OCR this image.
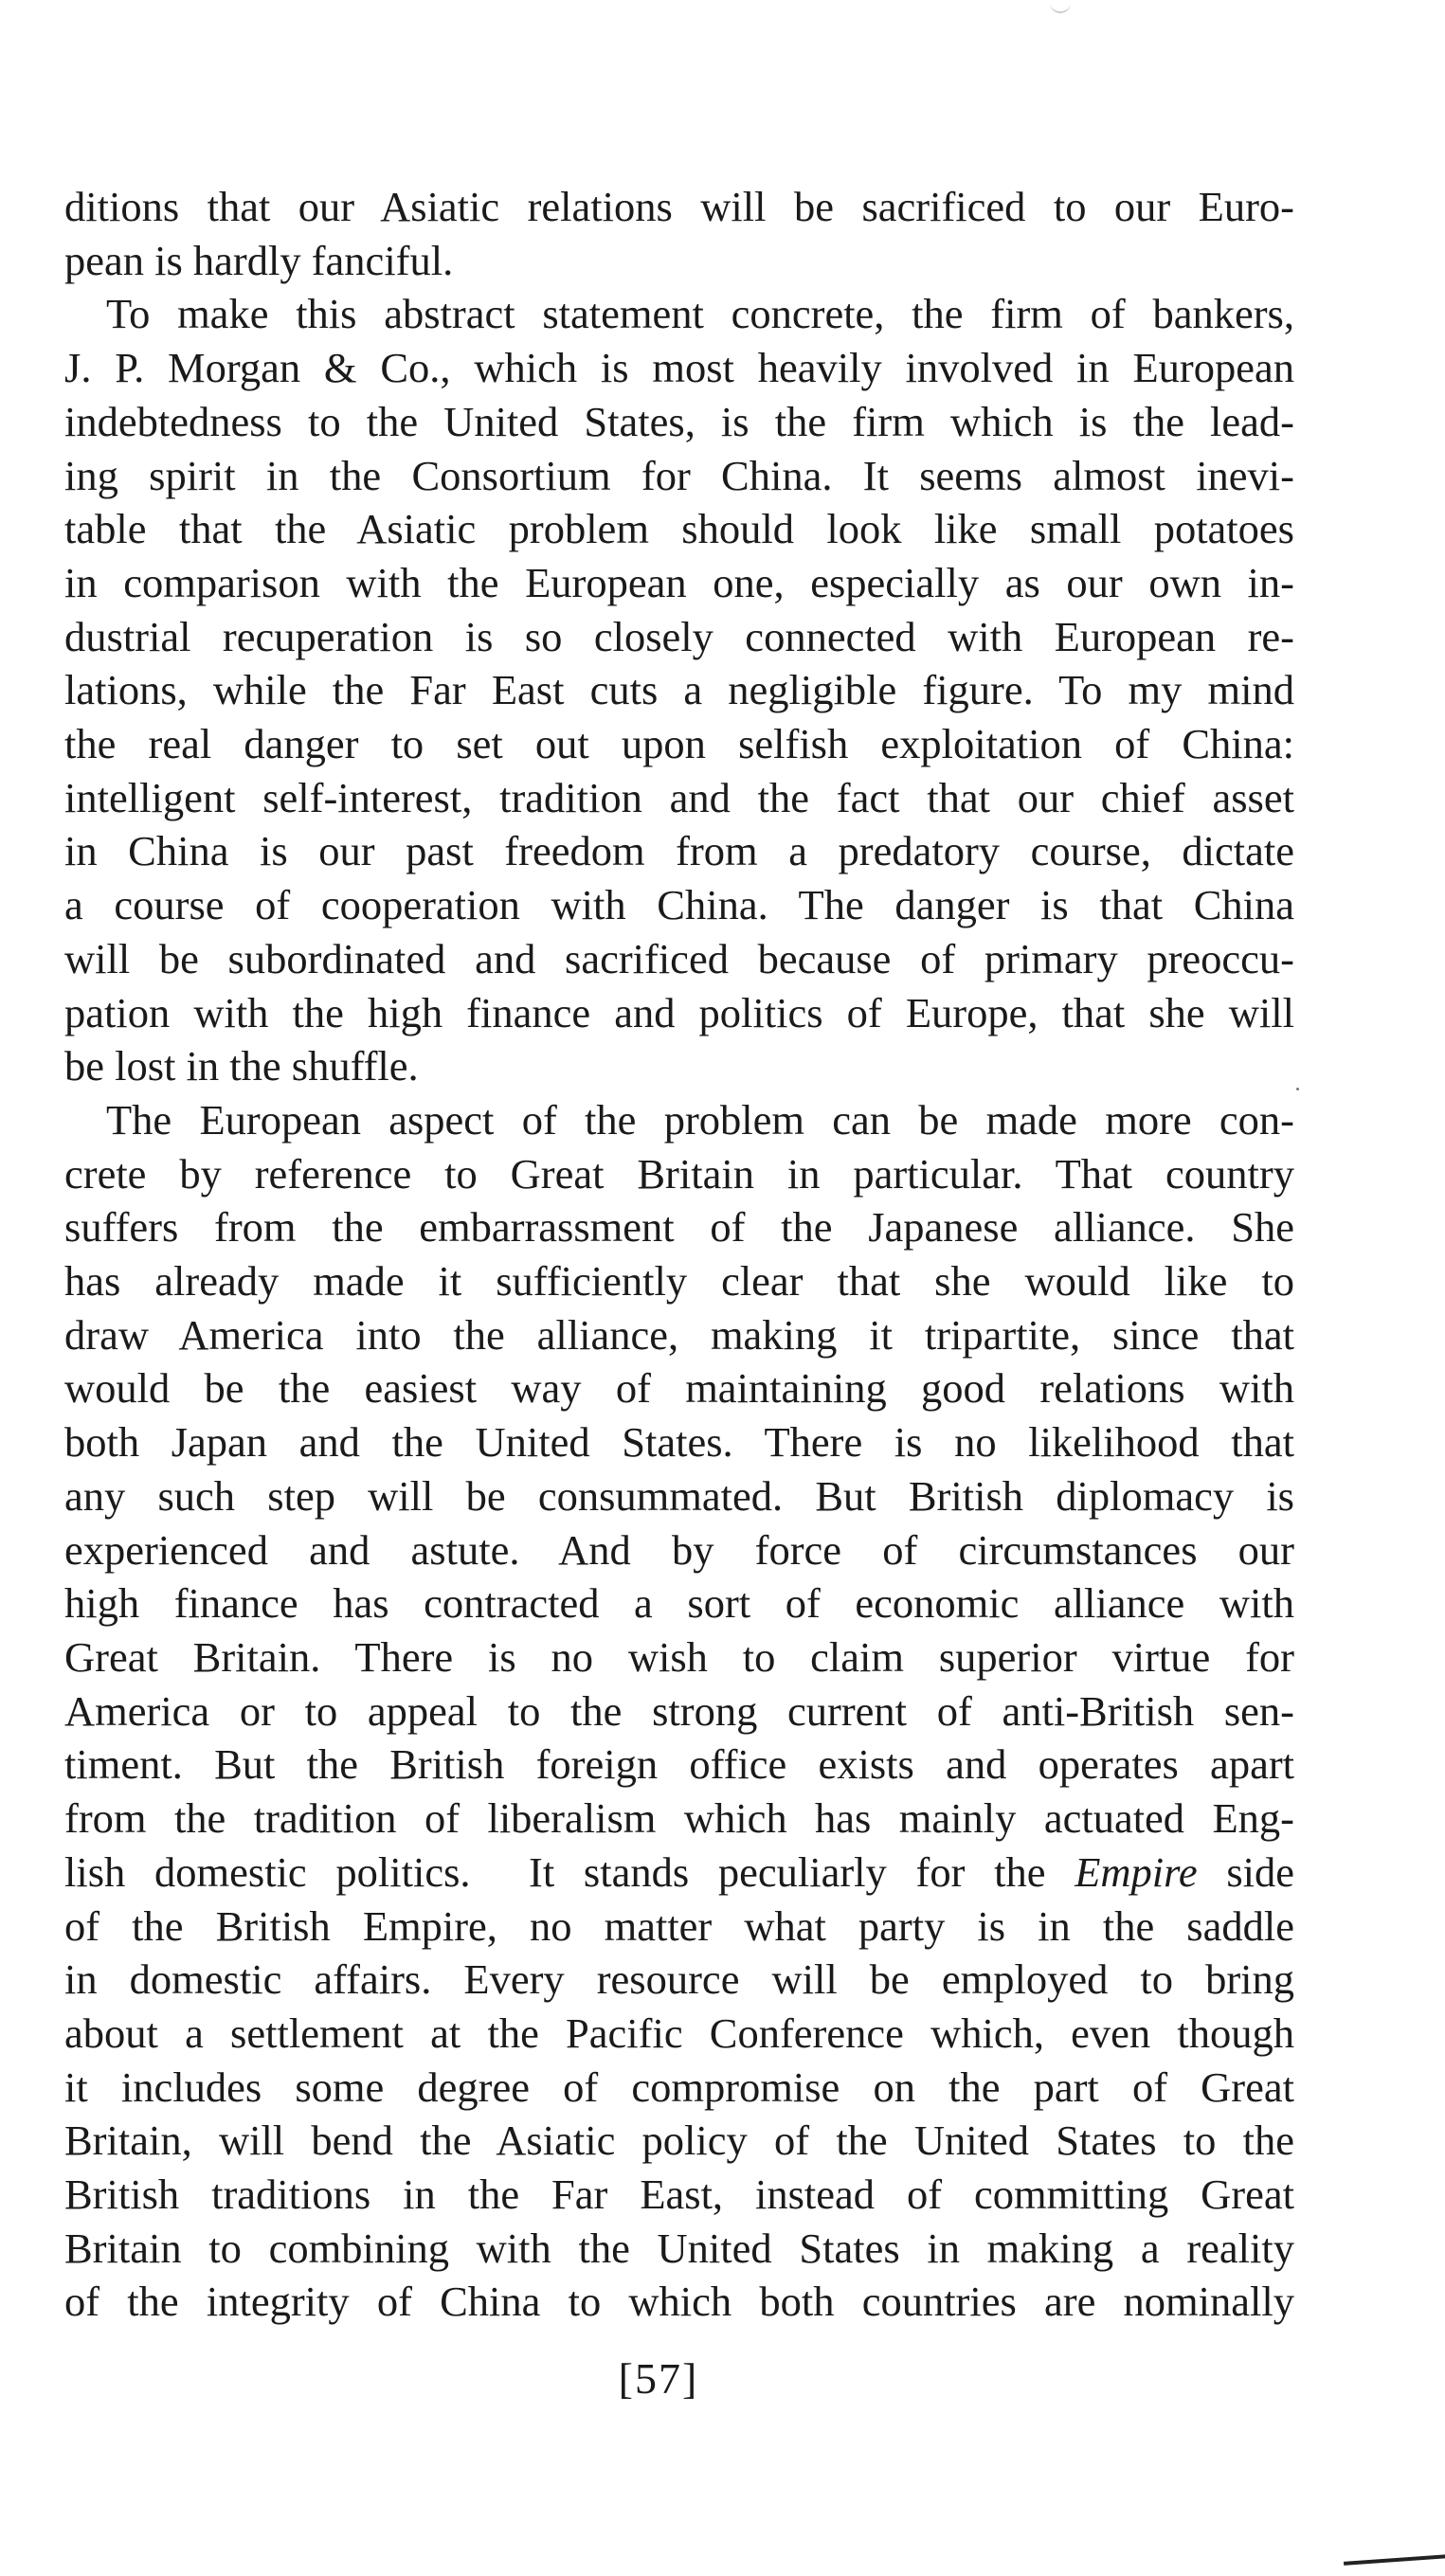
ditions that our Asiatic relations will be sacrificed to our Euro-
pean is hardly fanciful.
To make this abstract statement concrete, the firm of bankers,
J. P. Morgan & Co., which is most heavily involved in European
indebtedness to the United States, is the firm which is the lead-
ing spirit in the Consortium for China. It seems almost inevi-
table that the Asiatic problem should look like small potatoes
in comparison with the European one, especially as our own in-
dustrial recuperation is so closely connected with European re-
lations, while the Far East cuts a negligible figure. To my mind
the real danger to set out upon selfish exploitation of China:
intelligent self-interest, tradition and the fact that our chief asset
in China is our past freedom from a predatory course, dictate
a course of cooperation with China. The danger is that China
will be subordinated and sacrificed because of primary preoccu-
pation with the high finance and politics of Europe, that she will
be lost in the shuffle.
The European aspect of the problem can be made more con-
crete by reference to Great Britain in particular. That country
suffers from the embarrassment of the Japanese alliance. She
has already made it sufficiently clear that she would like to
draw America into the alliance, making it tripartite, since that
would be the easiest way of maintaining good relations with
both Japan and the United States. There is no likelihood that
any such step will be consummated. But British diplomacy is
experienced and astute. And by force of circumstances our
high finance has contracted a sort of economic alliance with
Great Britain. There is no wish to claim superior virtue for
America or to appeal to the strong current of anti-British sen-
timent. But the British foreign office exists and operates apart
from the tradition of liberalism which has mainly actuated Eng-
lish domestic politics.  It stands peculiarly for the Empire side
of the British Empire, no matter what party is in the saddle
in domestic affairs. Every resource will be employed to bring
about a settlement at the Pacific Conference which, even though
it includes some degree of compromise on the part of Great
Britain, will bend the Asiatic policy of the United States to the
British traditions in the Far East, instead of committing Great
Britain to combining with the United States in making a reality
of the integrity of China to which both countries are nominally
[57]
